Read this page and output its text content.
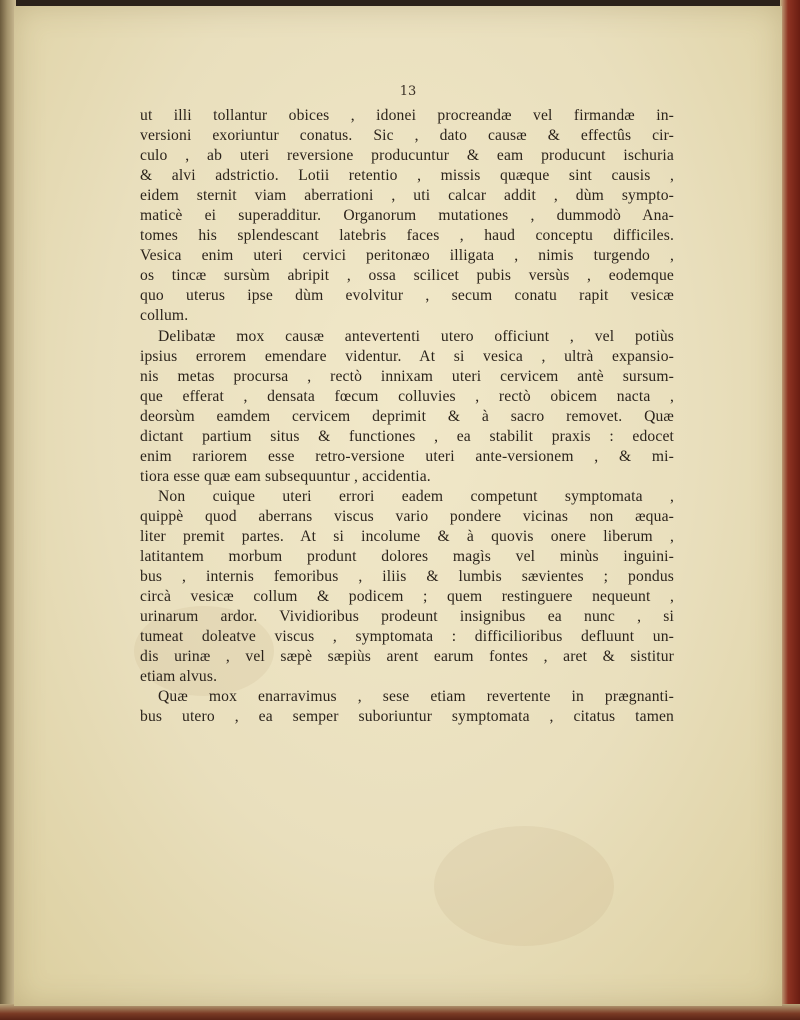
13
ut illi tollantur obices , idonei procreandæ vel firmandæ in-
versioni exoriuntur conatus. Sic , dato causæ & effectûs cir-
culo , ab uteri reversione producuntur & eam producunt ischuria
& alvi adstrictio. Lotii retentio , missis quæque sint causis ,
eidem sternit viam aberrationi , uti calcar addit , dùm sympto-
maticè ei superadditur. Organorum mutationes , dummodò Ana-
tomes his splendescant latebris faces , haud conceptu difficiles.
Vesica enim uteri cervici peritonæo illigata , nimis turgendo ,
os tincæ sursùm abripit , ossa scilicet pubis versùs , eodemque
quo uterus ipse dùm evolvitur , secum conatu rapit vesicæ
collum.
Delibatæ mox causæ antevertenti utero officiunt , vel potiùs
ipsius errorem emendare videntur. At si vesica , ultrà expansio-
nis metas procursa , rectò innixam uteri cervicem antè sursum-
que efferat , densata fœcum colluvies , rectò obicem nacta ,
deorsùm eamdem cervicem deprimit & à sacro removet. Quæ
dictant partium situs & functiones , ea stabilit praxis : edocet
enim rariorem esse retro-versione uteri ante-versionem , & mi-
tiora esse quæ eam subsequuntur , accidentia.
Non cuique uteri errori eadem competunt symptomata ,
quippè quod aberrans viscus vario pondere vicinas non æqua-
liter premit partes. At si incolume & à quovis onere liberum ,
latitantem morbum produnt dolores magìs vel minùs inguini-
bus , internis femoribus , iliis & lumbis sævientes ; pondus
circà vesicæ collum & podicem ; quem restinguere nequeunt ,
urinarum ardor. Vividioribus prodeunt insignibus ea nunc , si
tumeat doleatve viscus , symptomata : difficilioribus defluunt un-
dis urinæ , vel sæpè sæpiùs arent earum fontes , aret & sistitur
etiam alvus.
Quæ mox enarravimus , sese etiam revertente in prægnanti-
bus utero , ea semper suboriuntur symptomata , citatus tamen
